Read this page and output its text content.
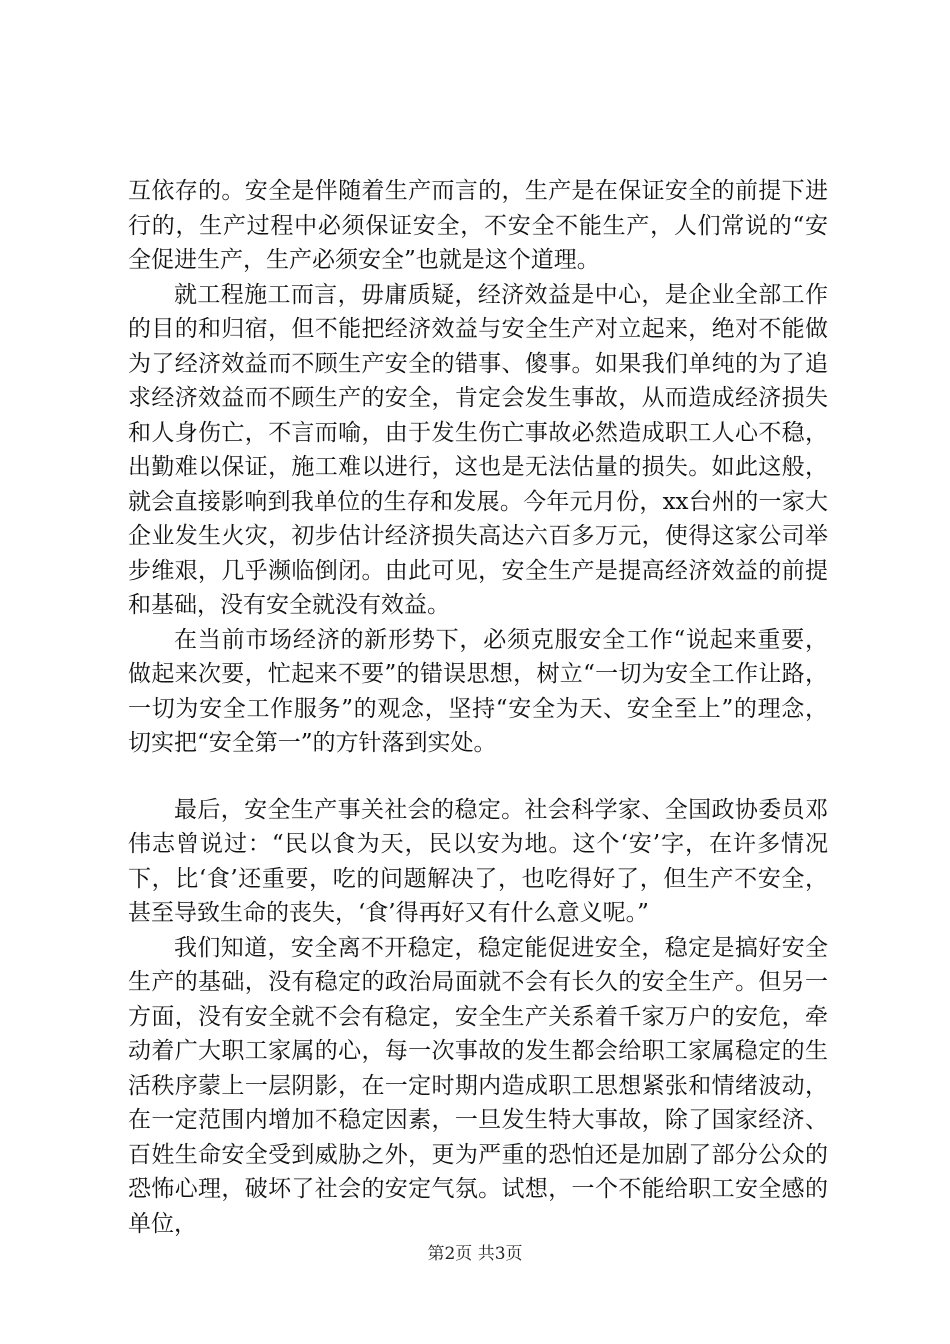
互依存的。安全是伴随着生产而言的，生产是在保证安全的前提下进行的，生产过程中必须保证安全，不安全不能生产，人们常说的“安全促进生产，生产必须安全”也就是这个道理。

就工程施工而言，毋庸质疑，经济效益是中心，是企业全部工作的目的和归宿，但不能把经济效益与安全生产对立起来，绝对不能做为了经济效益而不顾生产安全的错事、傻事。如果我们单纯的为了追求经济效益而不顾生产的安全，肯定会发生事故，从而造成经济损失和人身伤亡，不言而喻，由于发生伤亡事故必然造成职工人心不稳，出勤难以保证，施工难以进行，这也是无法估量的损失。如此这般，就会直接影响到我单位的生存和发展。今年元月份，xx台州的一家大企业发生火灾，初步估计经济损失高达六百多万元，使得这家公司举步维艰，几乎濒临倒闭。由此可见，安全生产是提高经济效益的前提和基础，没有安全就没有效益。

在当前市场经济的新形势下，必须克服安全工作“说起来重要，做起来次要，忙起来不要”的错误思想，树立“一切为安全工作让路，一切为安全工作服务”的观念，坚持“安全为天、安全至上”的理念，切实把“安全第一”的方针落到实处。

最后，安全生产事关社会的稳定。社会科学家、全国政协委员邓伟志曾说过：“民以食为天，民以安为地。这个‘安’字，在许多情况下，比‘食’还重要，吃的问题解决了，也吃得好了，但生产不安全，甚至导致生命的丧失，‘食’得再好又有什么意义呢。”

我们知道，安全离不开稳定，稳定能促进安全，稳定是搞好安全生产的基础，没有稳定的政治局面就不会有长久的安全生产。但另一方面，没有安全就不会有稳定，安全生产关系着千家万户的安危，牵动着广大职工家属的心，每一次事故的发生都会给职工家属稳定的生活秩序蒙上一层阴影，在一定时期内造成职工思想紧张和情绪波动，在一定范围内增加不稳定因素，一旦发生特大事故，除了国家经济、百姓生命安全受到威胁之外，更为严重的恐怕还是加剧了部分公众的恐怖心理，破坏了社会的安定气氛。试想，一个不能给职工安全感的单位，

第2页 共3页
